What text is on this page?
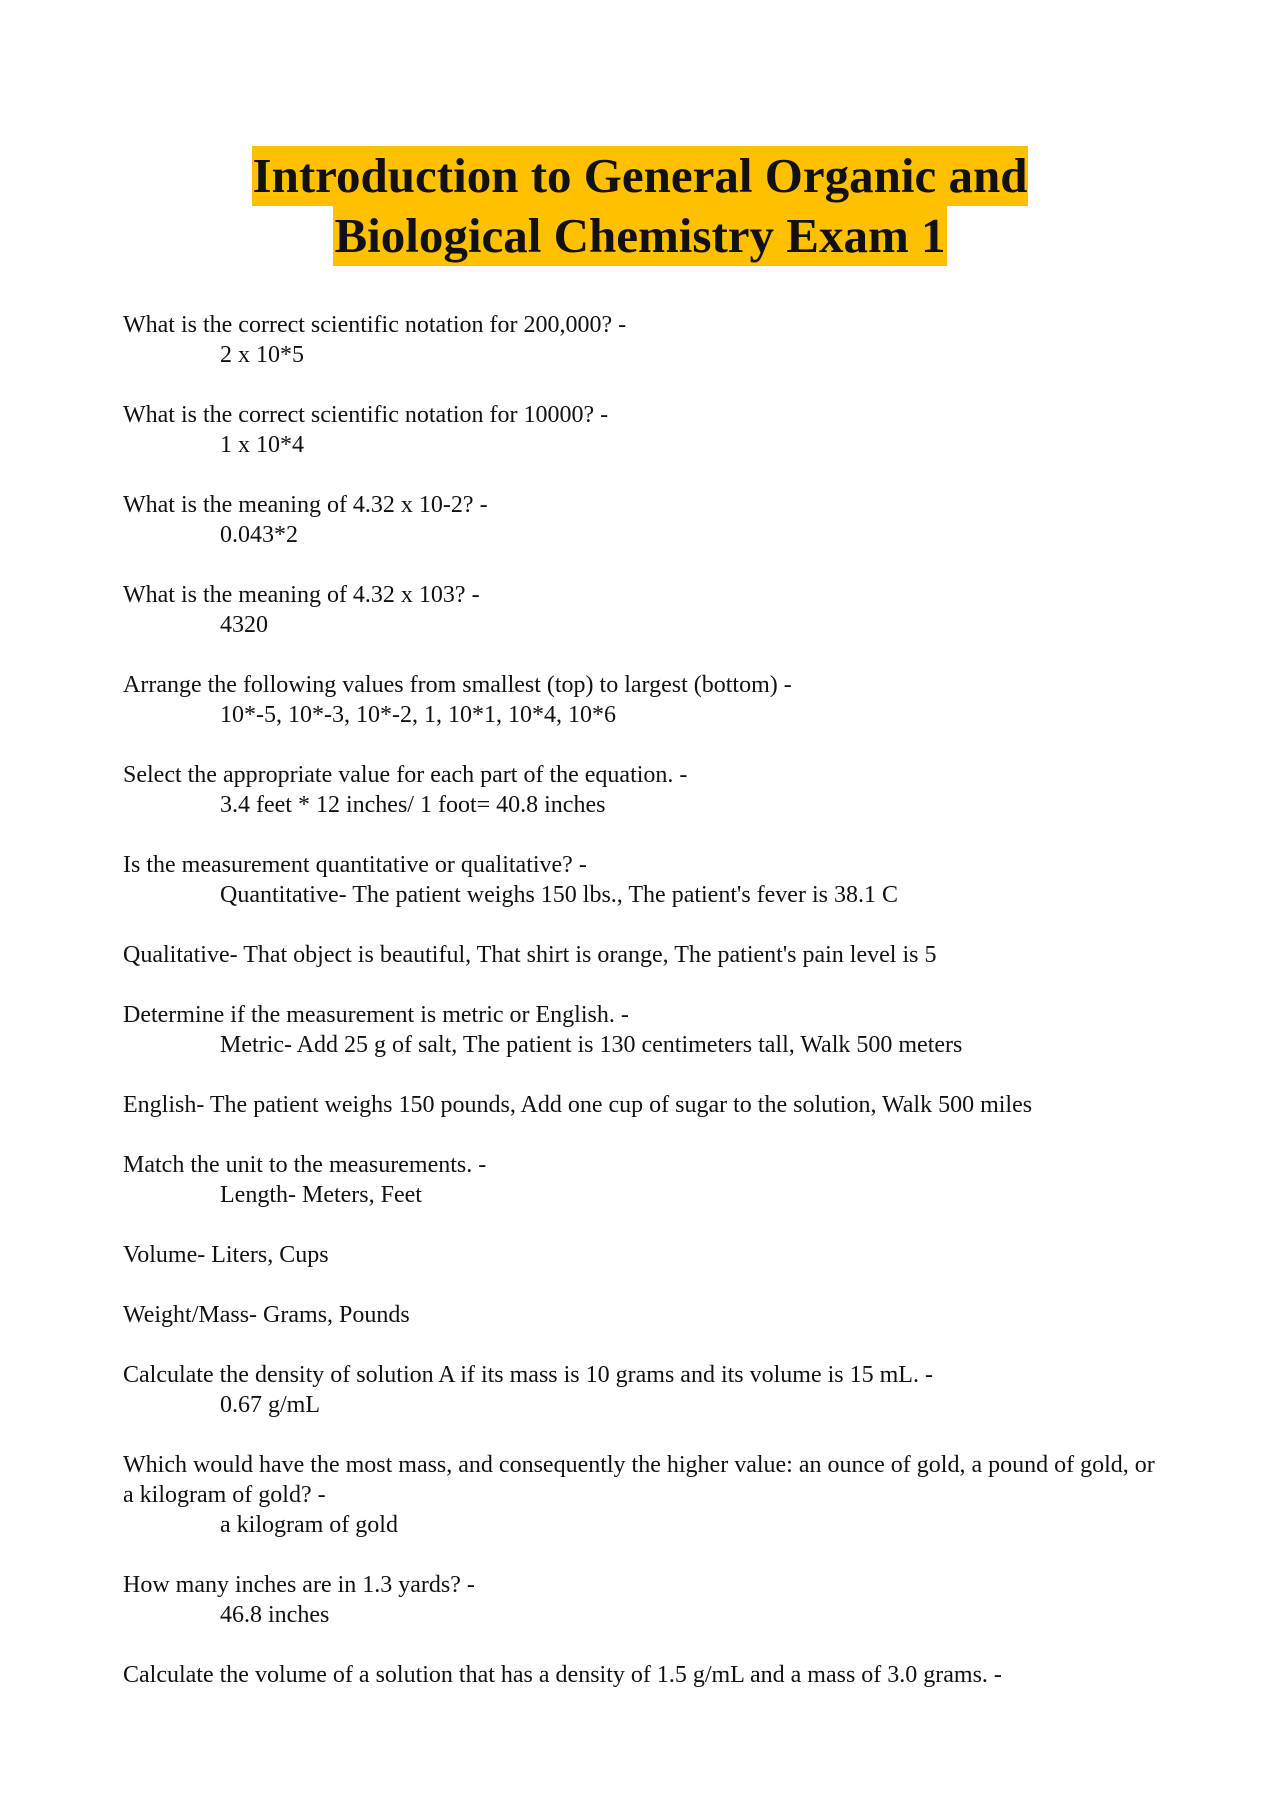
Introduction to General Organic and
Biological Chemistry Exam 1
What is the correct scientific notation for 200,000? -
2 x 10*5
What is the correct scientific notation for 10000? -
1 x 10*4
What is the meaning of 4.32 x 10-2? -
0.043*2
What is the meaning of 4.32 x 103? -
4320
Arrange the following values from smallest (top) to largest (bottom) -
10*-5, 10*-3, 10*-2, 1, 10*1, 10*4, 10*6
Select the appropriate value for each part of the equation. -
3.4 feet * 12 inches/ 1 foot= 40.8 inches
Is the measurement quantitative or qualitative? -
Quantitative- The patient weighs 150 lbs., The patient's fever is 38.1 C
Qualitative- That object is beautiful, That shirt is orange, The patient's pain level is 5
Determine if the measurement is metric or English. -
Metric- Add 25 g of salt, The patient is 130 centimeters tall, Walk 500 meters
English- The patient weighs 150 pounds, Add one cup of sugar to the solution, Walk 500 miles
Match the unit to the measurements. -
Length- Meters, Feet
Volume- Liters, Cups
Weight/Mass- Grams, Pounds
Calculate the density of solution A if its mass is 10 grams and its volume is 15 mL. -
0.67 g/mL
Which would have the most mass, and consequently the higher value: an ounce of gold, a pound of gold, or a kilogram of gold? -
a kilogram of gold
How many inches are in 1.3 yards? -
46.8 inches
Calculate the volume of a solution that has a density of 1.5 g/mL and a mass of 3.0 grams. -
